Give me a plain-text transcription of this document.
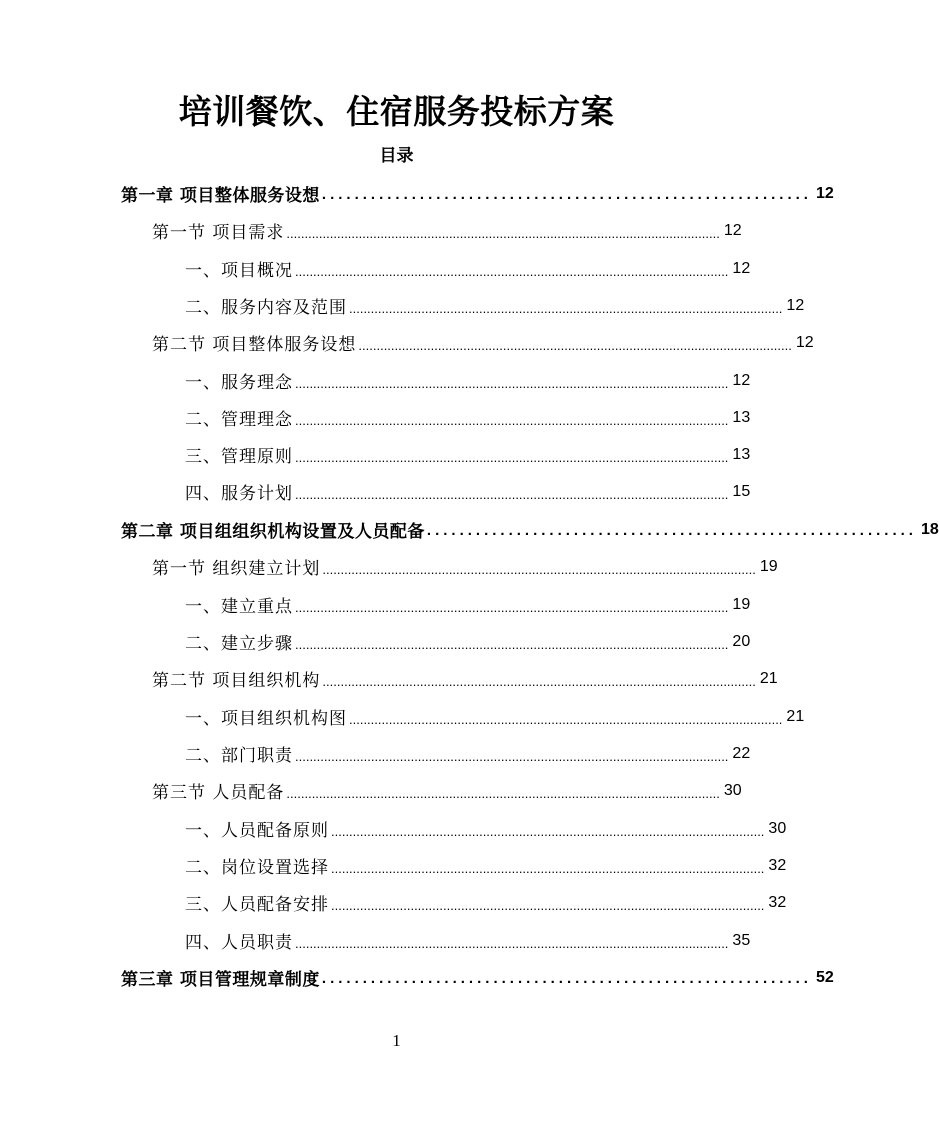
培训餐饮、住宿服务投标方案
目录
第一章 项目整体服务设想 ............................................................ 12
第一节 项目需求 ........................................................................................................................ 12
一、项目概况 ........................................................................................................................ 12
二、服务内容及范围 ........................................................................................................................ 12
第二节 项目整体服务设想 ........................................................................................................................ 12
一、服务理念 ........................................................................................................................ 12
二、管理理念 ........................................................................................................................ 13
三、管理原则 ........................................................................................................................ 13
四、服务计划 ........................................................................................................................ 15
第二章 项目组组织机构设置及人员配备 ............................................................ 18
第一节 组织建立计划 ........................................................................................................................ 19
一、建立重点 ........................................................................................................................ 19
二、建立步骤 ........................................................................................................................ 20
第二节 项目组织机构 ........................................................................................................................ 21
一、项目组织机构图 ........................................................................................................................ 21
二、部门职责 ........................................................................................................................ 22
第三节 人员配备 ........................................................................................................................ 30
一、人员配备原则 ........................................................................................................................ 30
二、岗位设置选择 ........................................................................................................................ 32
三、人员配备安排 ........................................................................................................................ 32
四、人员职责 ........................................................................................................................ 35
第三章 项目管理规章制度 ............................................................ 52
1
